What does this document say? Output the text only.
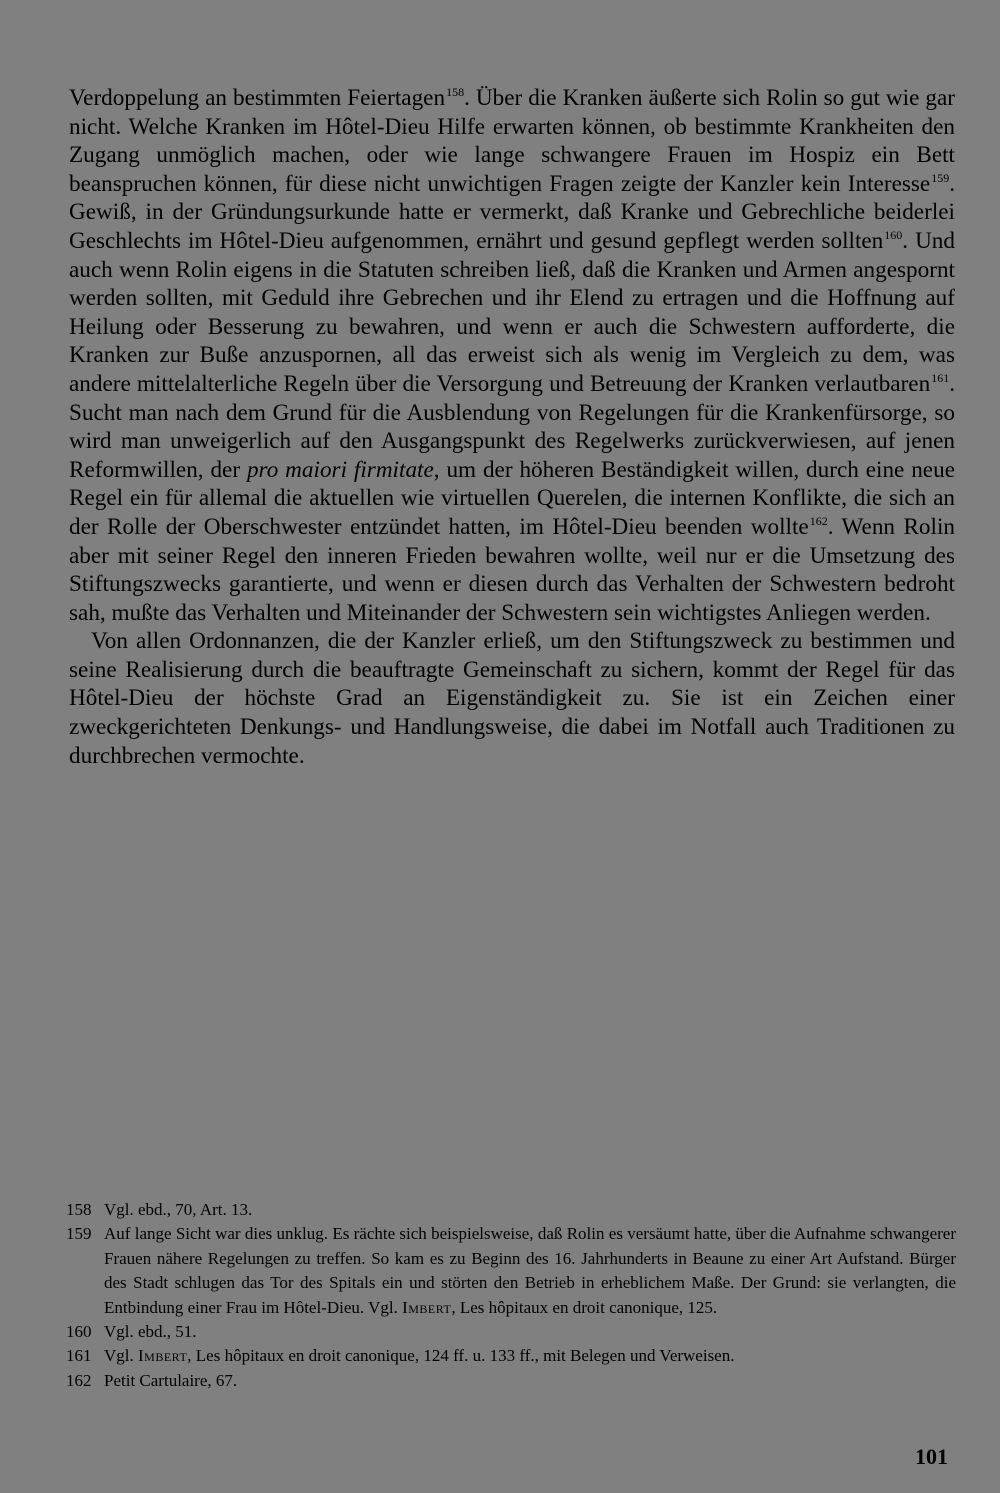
Verdoppelung an bestimmten Feiertagen$^{158}$. Über die Kranken äußerte sich Rolin so gut wie gar nicht. Welche Kranken im Hôtel-Dieu Hilfe erwarten können, ob bestimmte Krankheiten den Zugang unmöglich machen, oder wie lange schwangere Frauen im Hospiz ein Bett beanspruchen können, für diese nicht unwichtigen Fragen zeigte der Kanzler kein Interesse$^{159}$. Gewiß, in der Gründungsurkunde hatte er vermerkt, daß Kranke und Gebrechliche beiderlei Geschlechts im Hôtel-Dieu aufgenommen, ernährt und gesund gepflegt werden sollten$^{160}$. Und auch wenn Rolin eigens in die Statuten schreiben ließ, daß die Kranken und Armen angespornt werden sollten, mit Geduld ihre Gebrechen und ihr Elend zu ertragen und die Hoffnung auf Heilung oder Besserung zu bewahren, und wenn er auch die Schwestern aufforderte, die Kranken zur Buße anzuspornen, all das erweist sich als wenig im Vergleich zu dem, was andere mittelalterliche Regeln über die Versorgung und Betreuung der Kranken verlautbaren$^{161}$. Sucht man nach dem Grund für die Ausblendung von Regelungen für die Krankenfürsorge, so wird man unweigerlich auf den Ausgangspunkt des Regelwerks zurückverwiesen, auf jenen Reformwillen, der pro maiori firmitate, um der höheren Beständigkeit willen, durch eine neue Regel ein für allemal die aktuellen wie virtuellen Querelen, die internen Konflikte, die sich an der Rolle der Oberschwester entzündet hatten, im Hôtel-Dieu beenden wollte$^{162}$. Wenn Rolin aber mit seiner Regel den inneren Frieden bewahren wollte, weil nur er die Umsetzung des Stiftungszwecks garantierte, und wenn er diesen durch das Verhalten der Schwestern bedroht sah, mußte das Verhalten und Miteinander der Schwestern sein wichtigstes Anliegen werden.

Von allen Ordonnanzen, die der Kanzler erließ, um den Stiftungszweck zu bestimmen und seine Realisierung durch die beauftragte Gemeinschaft zu sichern, kommt der Regel für das Hôtel-Dieu der höchste Grad an Eigenständigkeit zu. Sie ist ein Zeichen einer zweckgerichteten Denkungs- und Handlungsweise, die dabei im Notfall auch Traditionen zu durchbrechen vermochte.

158 Vgl. ebd., 70, Art. 13.
159 Auf lange Sicht war dies unklug. Es rächte sich beispielsweise, daß Rolin es versäumt hatte, über die Aufnahme schwangerer Frauen nähere Regelungen zu treffen. So kam es zu Beginn des 16. Jahrhunderts in Beaune zu einer Art Aufstand. Bürger des Stadt schlugen das Tor des Spitals ein und störten den Betrieb in erheblichem Maße. Der Grund: sie verlangten, die Entbindung einer Frau im Hôtel-Dieu. Vgl. Imbert, Les hôpitaux en droit canonique, 125.
160 Vgl. ebd., 51.
161 Vgl. Imbert, Les hôpitaux en droit canonique, 124 ff. u. 133 ff., mit Belegen und Verweisen.
162 Petit Cartulaire, 67.
101
